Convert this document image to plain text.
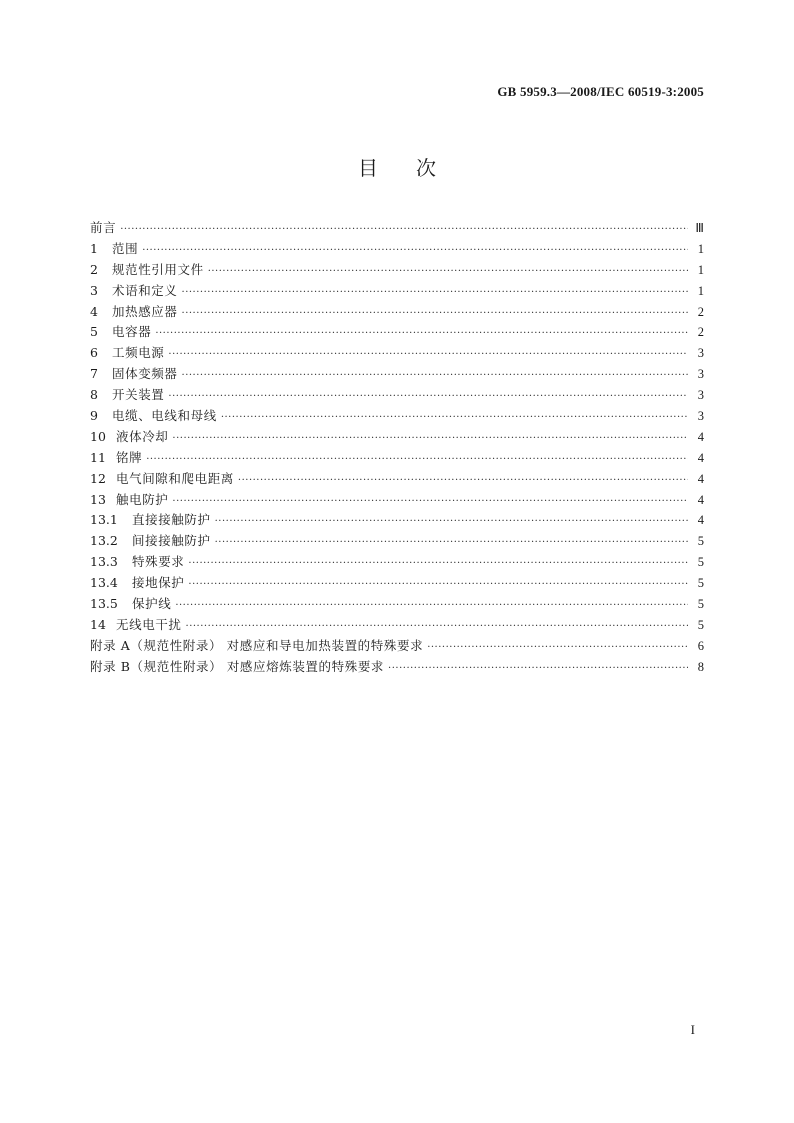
GB 5959.3—2008/IEC 60519-3:2005
目次
前言 ·····	Ⅲ
1	范围 ·····	1
2	规范性引用文件 ·····	1
3	术语和定义 ·····	1
4	加热感应器 ·····	2
5	电容器 ·····	2
6	工频电源 ·····	3
7	固体变频器 ·····	3
8	开关装置 ·····	3
9	电缆、电线和母线 ·····	3
10 液体冷却 ·····	4
11 铭牌 ·····	4
12 电气间隙和爬电距离 ·····	4
13 触电防护 ·····	4
13.1	直接接触防护 ·····	4
13.2	间接接触防护 ·····	5
13.3	特殊要求 ·····	5
13.4	接地保护 ·····	5
13.5	保护线 ·····	5
14 无线电干扰 ·····	5
附录 A（规范性附录） 对感应和导电加热装置的特殊要求 ·····	6
附录 B（规范性附录） 对感应熔炼装置的特殊要求 ·····	8
I
